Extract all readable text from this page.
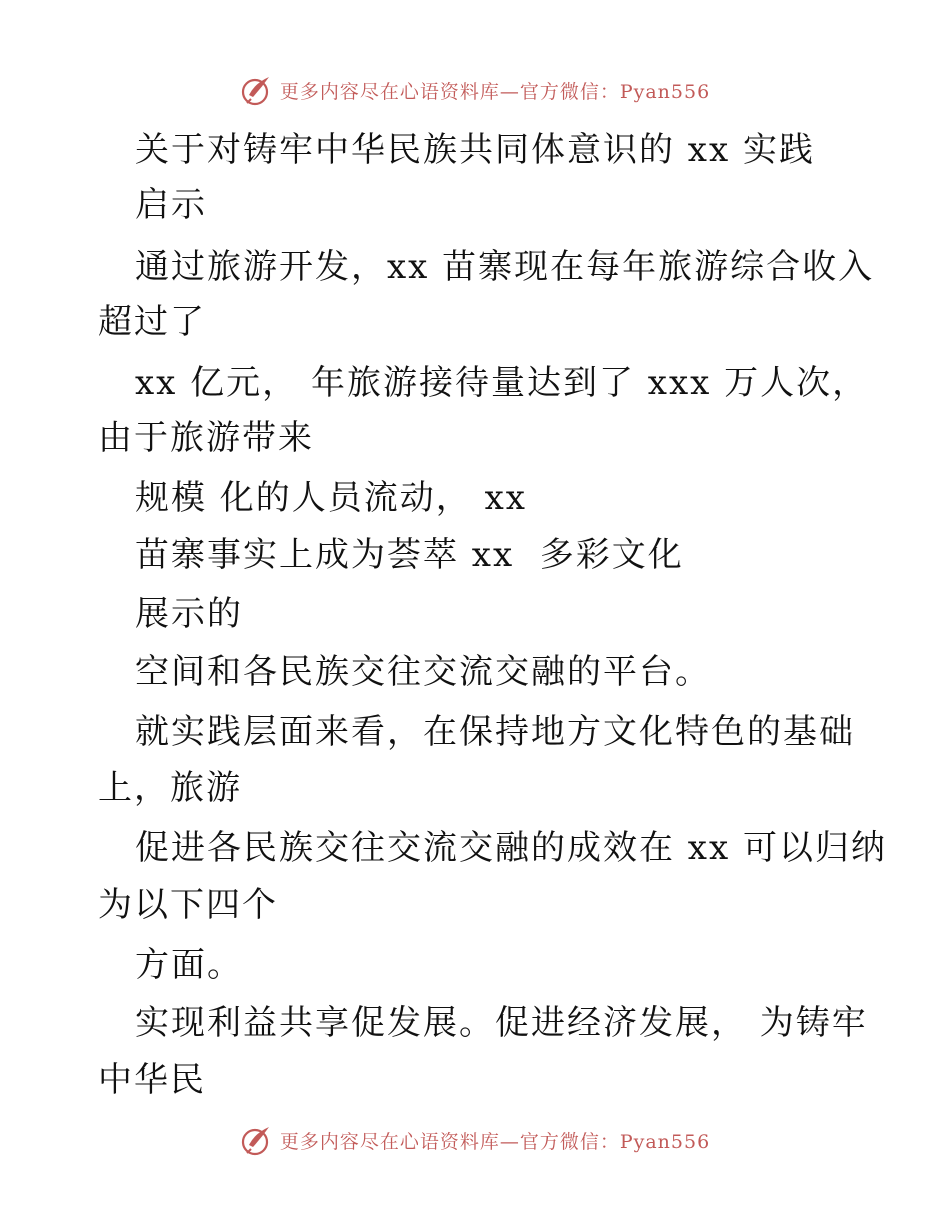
更多内容尽在心语资料库—官方微信：Pyan556
关于对铸牢中华民族共同体意识的 xx 实践
启示
通过旅游开发，xx 苗寨现在每年旅游综合收入
超过了
xx 亿元， 年旅游接待量达到了 xxx 万人次，
由于旅游带来
规模 化的人员流动， xx
苗寨事实上成为荟萃 xx  多彩文化
展示的
空间和各民族交往交流交融的平台。
就实践层面来看，在保持地方文化特色的基础
上，旅游
促进各民族交往交流交融的成效在 xx 可以归纳
为以下四个
方面。
实现利益共享促发展。促进经济发展， 为铸牢
中华民
更多内容尽在心语资料库—官方微信：Pyan556
